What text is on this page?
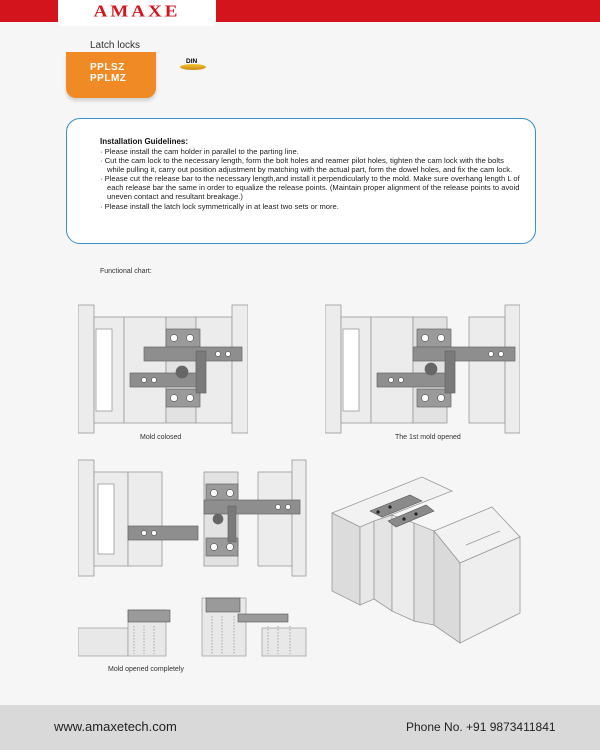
AMAXE
Latch locks
PPLSZ
PPLMZ
DIN
Installation Guidelines:
· Please install the cam holder in parallel to the parting line.
· Cut the cam lock to the necessary length, form the bolt holes and reamer pilot holes, tighten the cam lock with the bolts while pulling it, carry out position adjustment by matching with the actual part, form the dowel holes, and fix the cam lock.
· Please cut the release bar to the necessary length,and install it perpendicularly to the mold. Make sure overhang length L of each release bar the same in order to equalize the release points. (Maintain proper alignment of the release points to avoid uneven contact and resultant breakage.)
· Please install the latch lock symmetrically in at least two sets or more.
Functional chart:
Mold colosed	The 1st mold opened
Mold opened completely
www.amaxetech.com	Phone No. +91 9873411841
